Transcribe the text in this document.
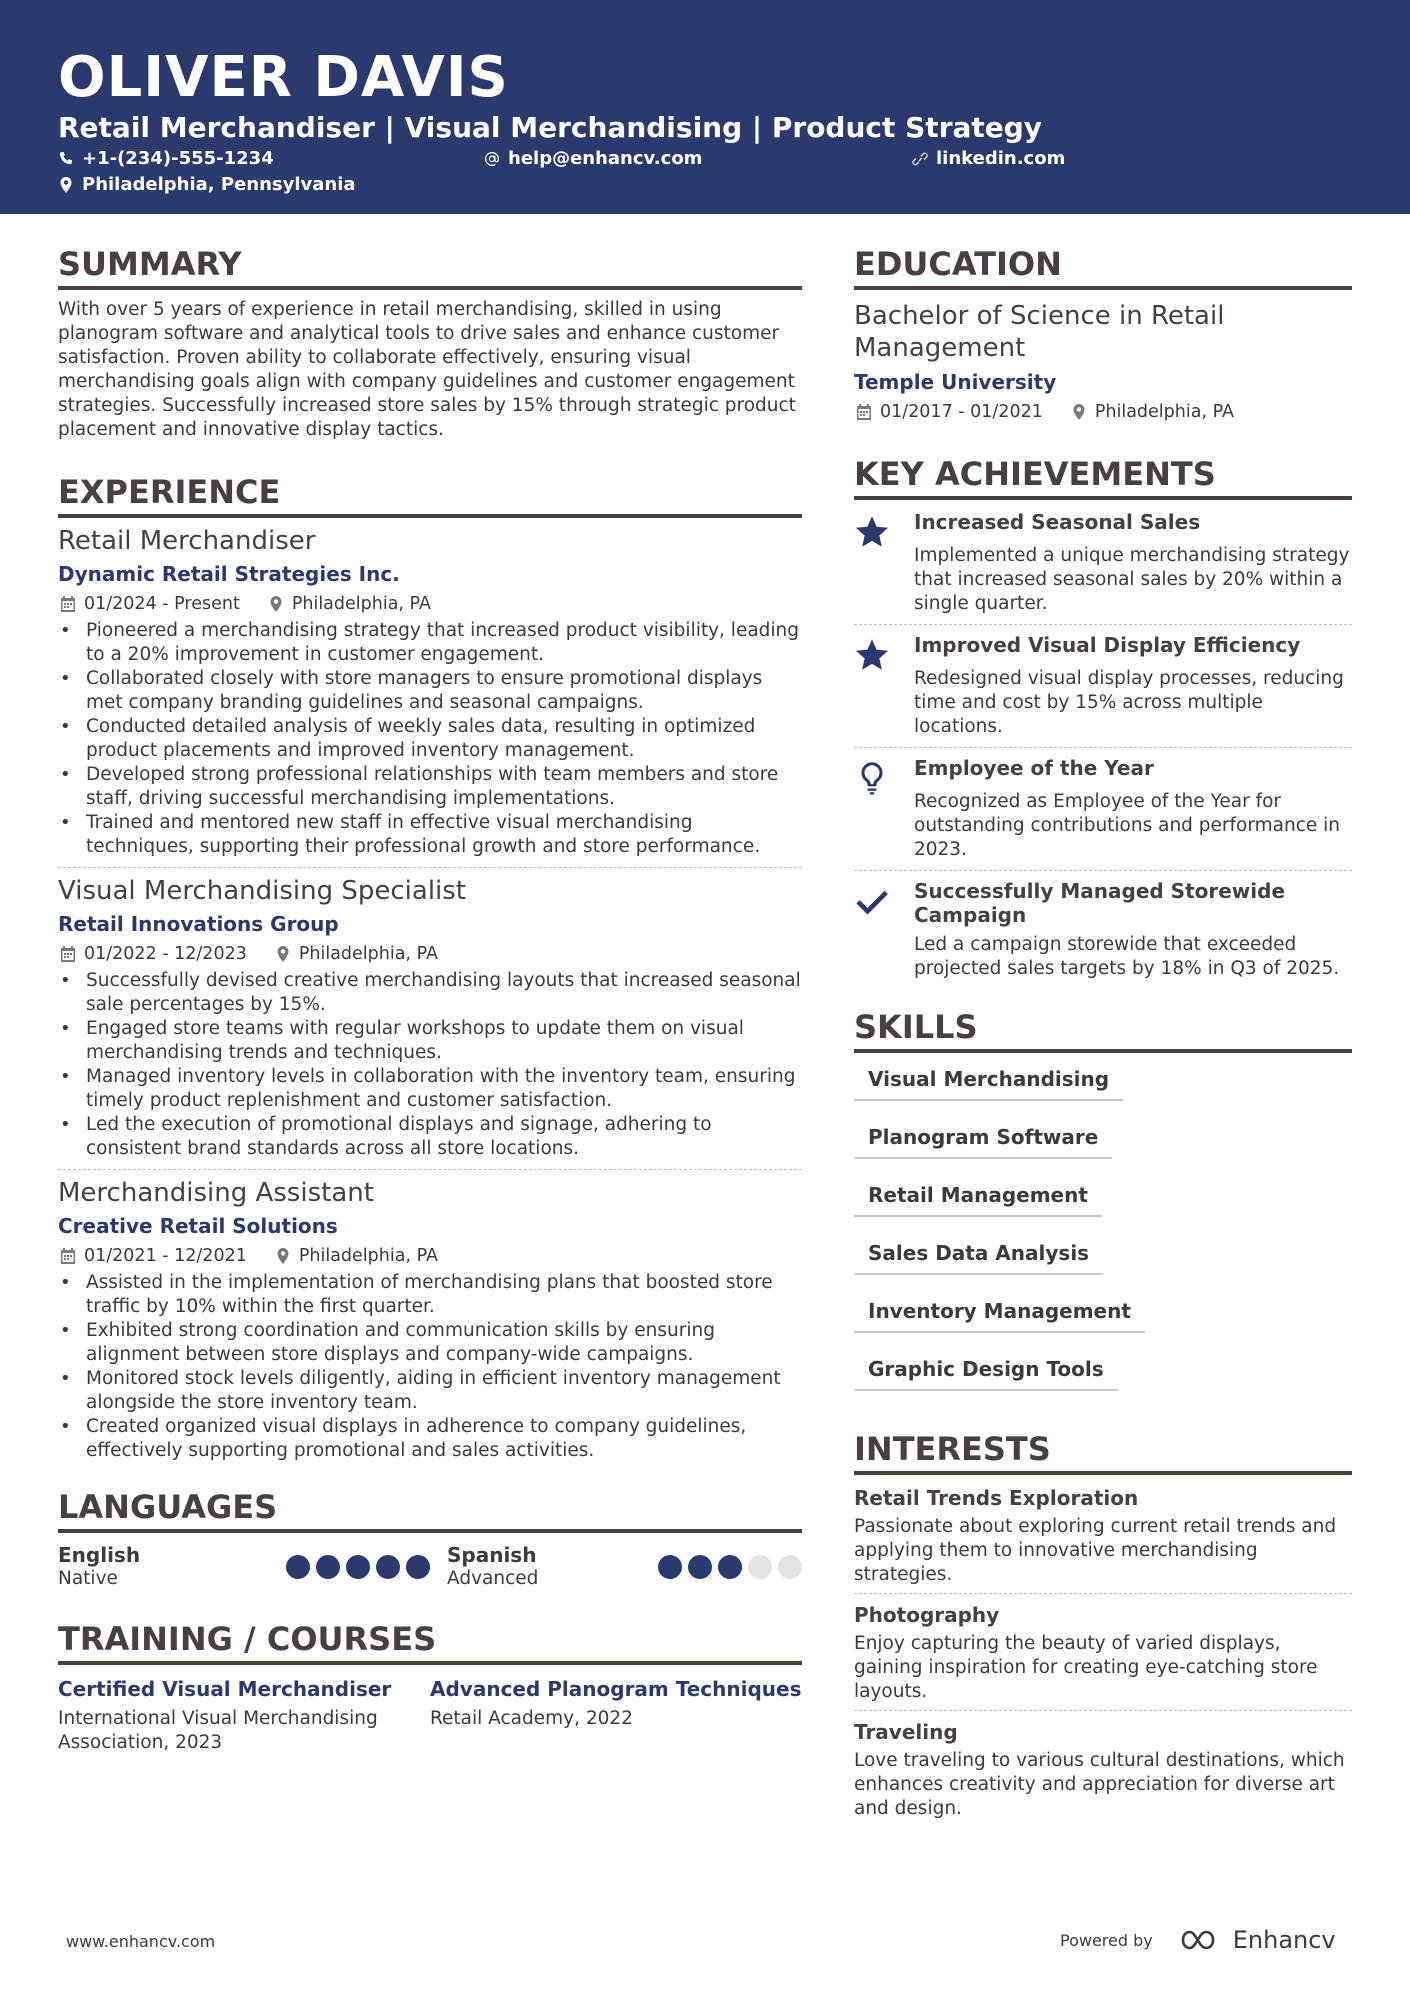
OLIVER DAVIS
Retail Merchandiser | Visual Merchandising | Product Strategy
+1-(234)-555-1234	help@enhancv.com	linkedin.com
Philadelphia, Pennsylvania
SUMMARY
With over 5 years of experience in retail merchandising, skilled in using planogram software and analytical tools to drive sales and enhance customer satisfaction. Proven ability to collaborate effectively, ensuring visual merchandising goals align with company guidelines and customer engagement strategies. Successfully increased store sales by 15% through strategic product placement and innovative display tactics.
EXPERIENCE
Retail Merchandiser
Dynamic Retail Strategies Inc.
01/2024 - Present	Philadelphia, PA
• Pioneered a merchandising strategy that increased product visibility, leading to a 20% improvement in customer engagement.
• Collaborated closely with store managers to ensure promotional displays met company branding guidelines and seasonal campaigns.
• Conducted detailed analysis of weekly sales data, resulting in optimized product placements and improved inventory management.
• Developed strong professional relationships with team members and store staff, driving successful merchandising implementations.
• Trained and mentored new staff in effective visual merchandising techniques, supporting their professional growth and store performance.
Visual Merchandising Specialist
Retail Innovations Group
01/2022 - 12/2023	Philadelphia, PA
• Successfully devised creative merchandising layouts that increased seasonal sale percentages by 15%.
• Engaged store teams with regular workshops to update them on visual merchandising trends and techniques.
• Managed inventory levels in collaboration with the inventory team, ensuring timely product replenishment and customer satisfaction.
• Led the execution of promotional displays and signage, adhering to consistent brand standards across all store locations.
Merchandising Assistant
Creative Retail Solutions
01/2021 - 12/2021	Philadelphia, PA
• Assisted in the implementation of merchandising plans that boosted store traffic by 10% within the first quarter.
• Exhibited strong coordination and communication skills by ensuring alignment between store displays and company-wide campaigns.
• Monitored stock levels diligently, aiding in efficient inventory management alongside the store inventory team.
• Created organized visual displays in adherence to company guidelines, effectively supporting promotional and sales activities.
LANGUAGES
English
Native
Spanish
Advanced
TRAINING / COURSES
Certified Visual Merchandiser
International Visual Merchandising Association, 2023
Advanced Planogram Techniques
Retail Academy, 2022
EDUCATION
Bachelor of Science in Retail Management
Temple University
01/2017 - 01/2021	Philadelphia, PA
KEY ACHIEVEMENTS
Increased Seasonal Sales
Implemented a unique merchandising strategy that increased seasonal sales by 20% within a single quarter.
Improved Visual Display Efficiency
Redesigned visual display processes, reducing time and cost by 15% across multiple locations.
Employee of the Year
Recognized as Employee of the Year for outstanding contributions and performance in 2023.
Successfully Managed Storewide Campaign
Led a campaign storewide that exceeded projected sales targets by 18% in Q3 of 2025.
SKILLS
Visual Merchandising
Planogram Software
Retail Management
Sales Data Analysis
Inventory Management
Graphic Design Tools
INTERESTS
Retail Trends Exploration
Passionate about exploring current retail trends and applying them to innovative merchandising strategies.
Photography
Enjoy capturing the beauty of varied displays, gaining inspiration for creating eye-catching store layouts.
Traveling
Love traveling to various cultural destinations, which enhances creativity and appreciation for diverse art and design.
www.enhancv.com	Powered by	Enhancv
